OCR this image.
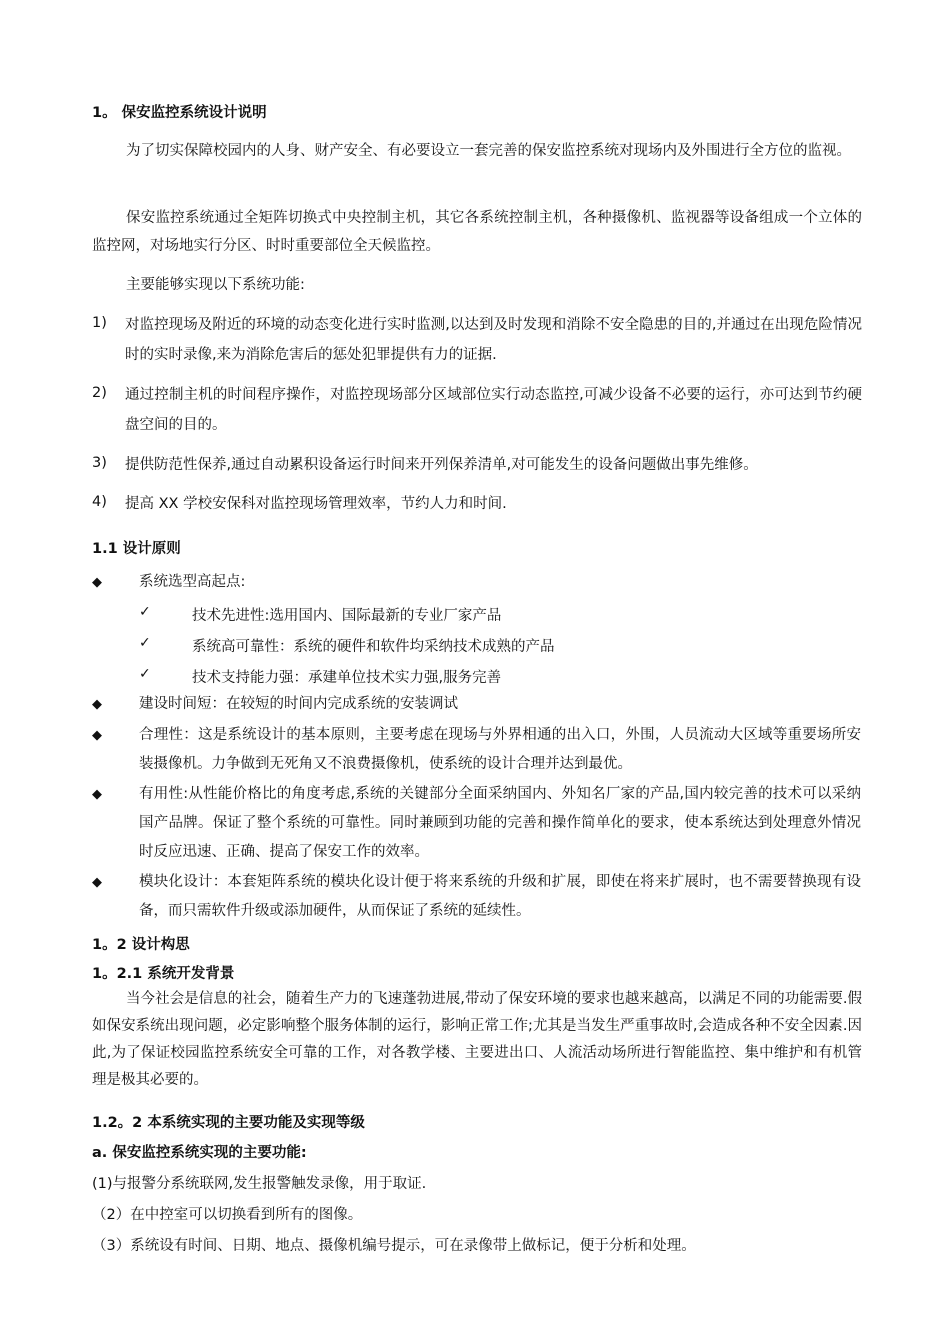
1。 保安监控系统设计说明
为了切实保障校园内的人身、财产安全、有必要设立一套完善的保安监控系统对现场内及外围进行全方位的监视。
保安监控系统通过全矩阵切换式中央控制主机，其它各系统控制主机，各种摄像机、监视器等设备组成一个立体的监控网，对场地实行分区、时时重要部位全天候监控。
主要能够实现以下系统功能:
1) 对监控现场及附近的环境的动态变化进行实时监测,以达到及时发现和消除不安全隐患的目的,并通过在出现危险情况时的实时录像,来为消除危害后的惩处犯罪提供有力的证据.
2) 通过控制主机的时间程序操作，对监控现场部分区域部位实行动态监控,可减少设备不必要的运行，亦可达到节约硬盘空间的目的。
3) 提供防范性保养,通过自动累积设备运行时间来开列保养清单,对可能发生的设备问题做出事先维修。
4) 提高 XX 学校安保科对监控现场管理效率，节约人力和时间.
1.1 设计原则
◆	系统选型高起点:
✓	技术先进性:选用国内、国际最新的专业厂家产品
✓	系统高可靠性：系统的硬件和软件均采纳技术成熟的产品
✓	技术支持能力强：承建单位技术实力强,服务完善
◆	建设时间短：在较短的时间内完成系统的安装调试
◆	合理性：这是系统设计的基本原则，主要考虑在现场与外界相通的出入口，外围，人员流动大区域等重要场所安装摄像机。力争做到无死角又不浪费摄像机，使系统的设计合理并达到最优。
◆	有用性:从性能价格比的角度考虑,系统的关键部分全面采纳国内、外知名厂家的产品,国内较完善的技术可以采纳国产品牌。保证了整个系统的可靠性。同时兼顾到功能的完善和操作简单化的要求，使本系统达到处理意外情况时反应迅速、正确、提高了保安工作的效率。
◆	模块化设计：本套矩阵系统的模块化设计便于将来系统的升级和扩展，即使在将来扩展时，也不需要替换现有设备，而只需软件升级或添加硬件，从而保证了系统的延续性。
1。2 设计构思
1。2.1 系统开发背景
当今社会是信息的社会，随着生产力的飞速蓬勃进展,带动了保安环境的要求也越来越高，以满足不同的功能需要.假如保安系统出现问题，必定影响整个服务体制的运行，影响正常工作;尤其是当发生严重事故时,会造成各种不安全因素.因此,为了保证校园监控系统安全可靠的工作，对各教学楼、主要进出口、人流活动场所进行智能监控、集中维护和有机管理是极其必要的。
1.2。2 本系统实现的主要功能及实现等级
a. 保安监控系统实现的主要功能:
(1)与报警分系统联网,发生报警触发录像，用于取证.
（2）在中控室可以切换看到所有的图像。
（3）系统设有时间、日期、地点、摄像机编号提示，可在录像带上做标记，便于分析和处理。
